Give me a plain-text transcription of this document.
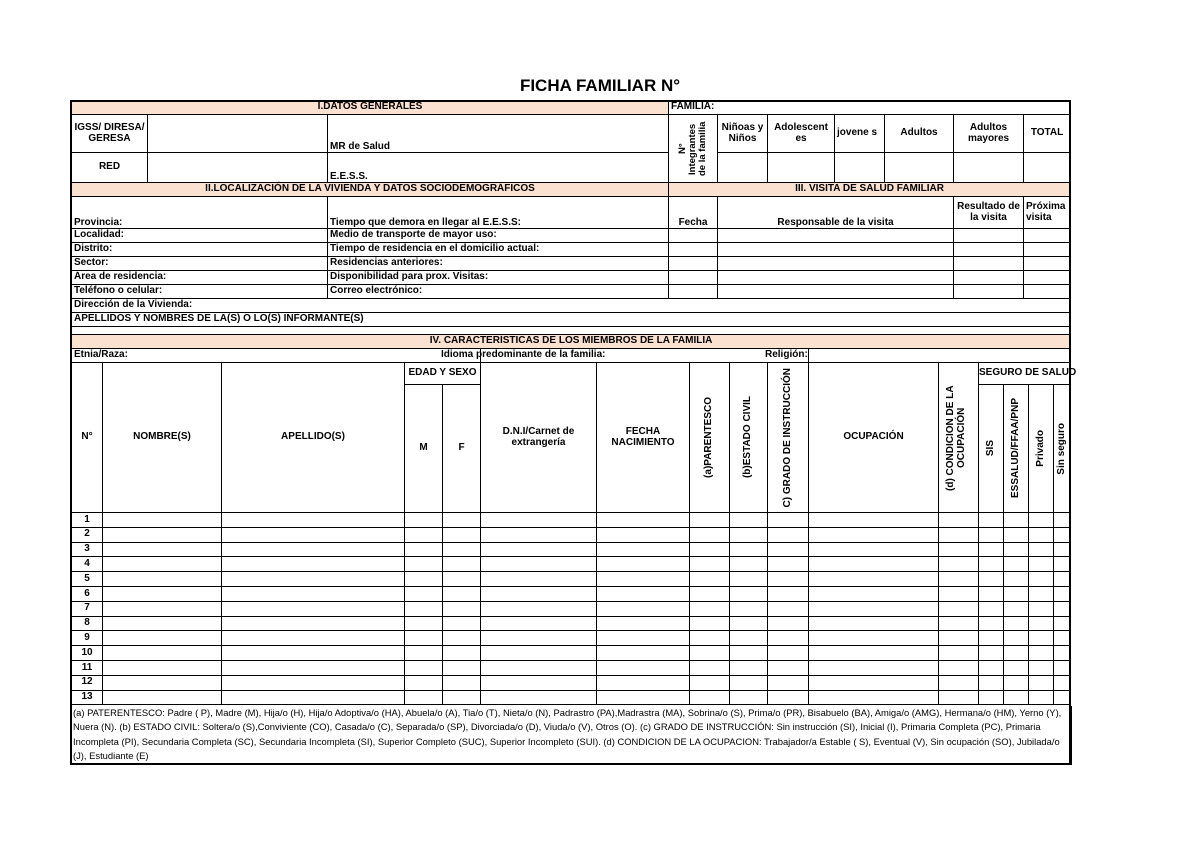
FICHA FAMILIAR N°
I.DATOS GENERALES			FAMILIA:						
IGSS/ DIRESA/ GERESA		MR de Salud	N° Integrantes de la familia	Niñoas y Niños	Adolescent es	jovene s	Adultos	Adultos mayores	TOTAL
RED		E.E.S.S.							
II.LOCALIZACIÓN DE LA VIVIENDA Y DATOS SOCIODEMOGRÁFICOS			III. VISITA DE SALUD FAMILIAR						
Provincia:		Tiempo que demora en llegar al E.E.S.S:	Fecha	Responsable de la visita				Resultado de la visita	Próxima visita
Localidad:		Medio de transporte de mayor uso:							
Distrito:		Tiempo de residencia en el domicilio actual:							
Sector:		Residencias anteriores:							
Área de residencia:		Disponibilidad para prox. Visitas:							
Teléfono o celular:		Correo electrónico:							
Dirección de la Vivienda:									
APELLIDOS Y NOMBRES DE LA(S) O LO(S) INFORMANTE(S)									
IV. CARACTERÍSTICAS DE LOS MIEMBROS DE LA FAMILIA															
Etnia/Raza:					Idioma predominante de la familia:					Religión:					

N°	NOMBRE(S)	APELLIDO(S)	EDAD Y SEXO		D.N.I/Carnet de extrangería	FECHA NACIMIENTO	(a)PARENTESCO	(b)ESTADO CIVIL	C) GRADO DE INSTRUCCIÓN	OCUPACIÓN	(d) CONDICION DE LA OCUPACIÓN	SEGURO DE SALUD			
			M	F								SIS	ESSALUD/FFAA/PNP	Privado	Sin seguro

1															
2															
3															
4															
5															
6															
7															
8															
9															
10															
11															
12															
13															
(a) PATERENTESCO: Padre ( P), Madre (M), Hija/o (H), Hija/o Adoptiva/o (HA), Abuela/o (A), Tia/o (T), Nieta/o (N), Padrastro (PA),Madrastra (MA), Sobrina/o (S), Prima/o (PR), Bisabuelo (BA), Amiga/o (AMG), Hermana/o (HM), Yerno (Y), Nuera (N). (b) ESTADO CIVIL: Soltera/o (S),Conviviente (CO), Casada/o (C), Separada/o (SP), Divorciada/o (D), Viuda/o (V), Otros (O). (c) GRADO DE INSTRUCCIÓN: Sin instrucción (SI), Inicial (I), Primaria Completa (PC), Primaria Incompleta (PI), Secundaria Completa (SC), Secundaria Incompleta (SI), Superior Completo (SUC), Superior Incompleto (SUI). (d) CONDICION DE LA OCUPACION: Trabajador/a Estable ( S), Eventual (V), Sin ocupación (SO), Jubilada/o (J), Estudiante (E)
